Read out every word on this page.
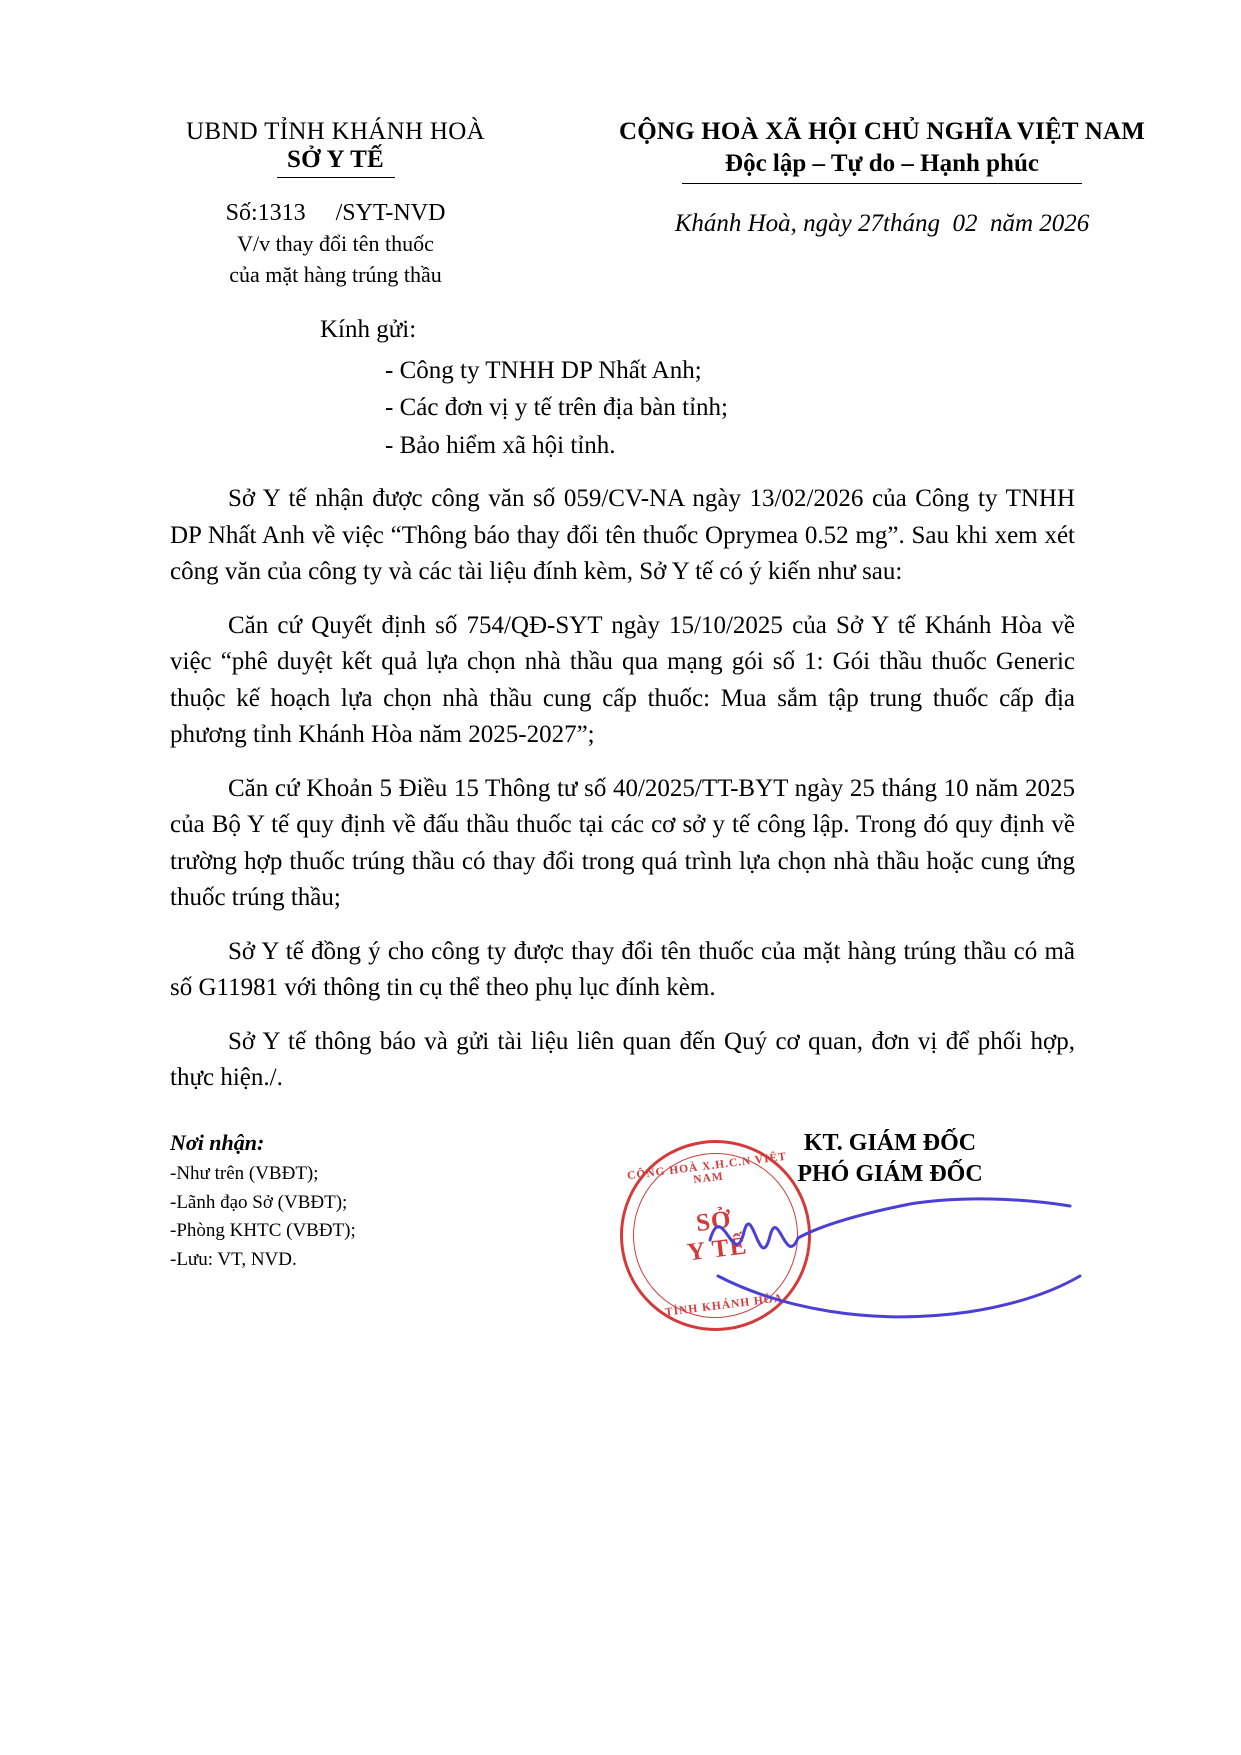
UBND TỈNH KHÁNH HOÀ
SỞ Y TẾ
Số:1313     /SYT-NVD
V/v thay đổi tên thuốc
của mặt hàng trúng thầu
CỘNG HOÀ XÃ HỘI CHỦ NGHĨA VIỆT NAM
Độc lập – Tự do – Hạnh phúc
Khánh Hoà, ngày 27tháng  02  năm 2026
Kính gửi:
- Công ty TNHH DP Nhất Anh;
- Các đơn vị y tế trên địa bàn tỉnh;
- Bảo hiểm xã hội tỉnh.
Sở Y tế nhận được công văn số 059/CV-NA ngày 13/02/2026 của Công ty TNHH DP Nhất Anh về việc “Thông báo thay đổi tên thuốc Oprymea 0.52 mg”. Sau khi xem xét công văn của công ty và các tài liệu đính kèm, Sở Y tế có ý kiến như sau:
Căn cứ Quyết định số 754/QĐ-SYT ngày 15/10/2025 của Sở Y tế Khánh Hòa về việc “phê duyệt kết quả lựa chọn nhà thầu qua mạng gói số 1: Gói thầu thuốc Generic thuộc kế hoạch lựa chọn nhà thầu cung cấp thuốc: Mua sắm tập trung thuốc cấp địa phương tỉnh Khánh Hòa năm 2025-2027”;
Căn cứ Khoản 5 Điều 15 Thông tư số 40/2025/TT-BYT ngày 25 tháng 10 năm 2025 của Bộ Y tế quy định về đấu thầu thuốc tại các cơ sở y tế công lập. Trong đó quy định về trường hợp thuốc trúng thầu có thay đổi trong quá trình lựa chọn nhà thầu hoặc cung ứng thuốc trúng thầu;
Sở Y tế đồng ý cho công ty được thay đổi tên thuốc của mặt hàng trúng thầu có mã số G11981 với thông tin cụ thể theo phụ lục đính kèm.
Sở Y tế thông báo và gửi tài liệu liên quan đến Quý cơ quan, đơn vị để phối hợp, thực hiện./.
Nơi nhận:
-Như trên (VBĐT);
-Lãnh đạo Sở (VBĐT);
-Phòng KHTC (VBĐT);
-Lưu: VT, NVD.
KT. GIÁM ĐỐC
PHÓ GIÁM ĐỐC
CỘNG HOÀ X.H.C.N VIỆT NAM
SỞ
Y TẾ
TỈNH KHÁNH HÒA
